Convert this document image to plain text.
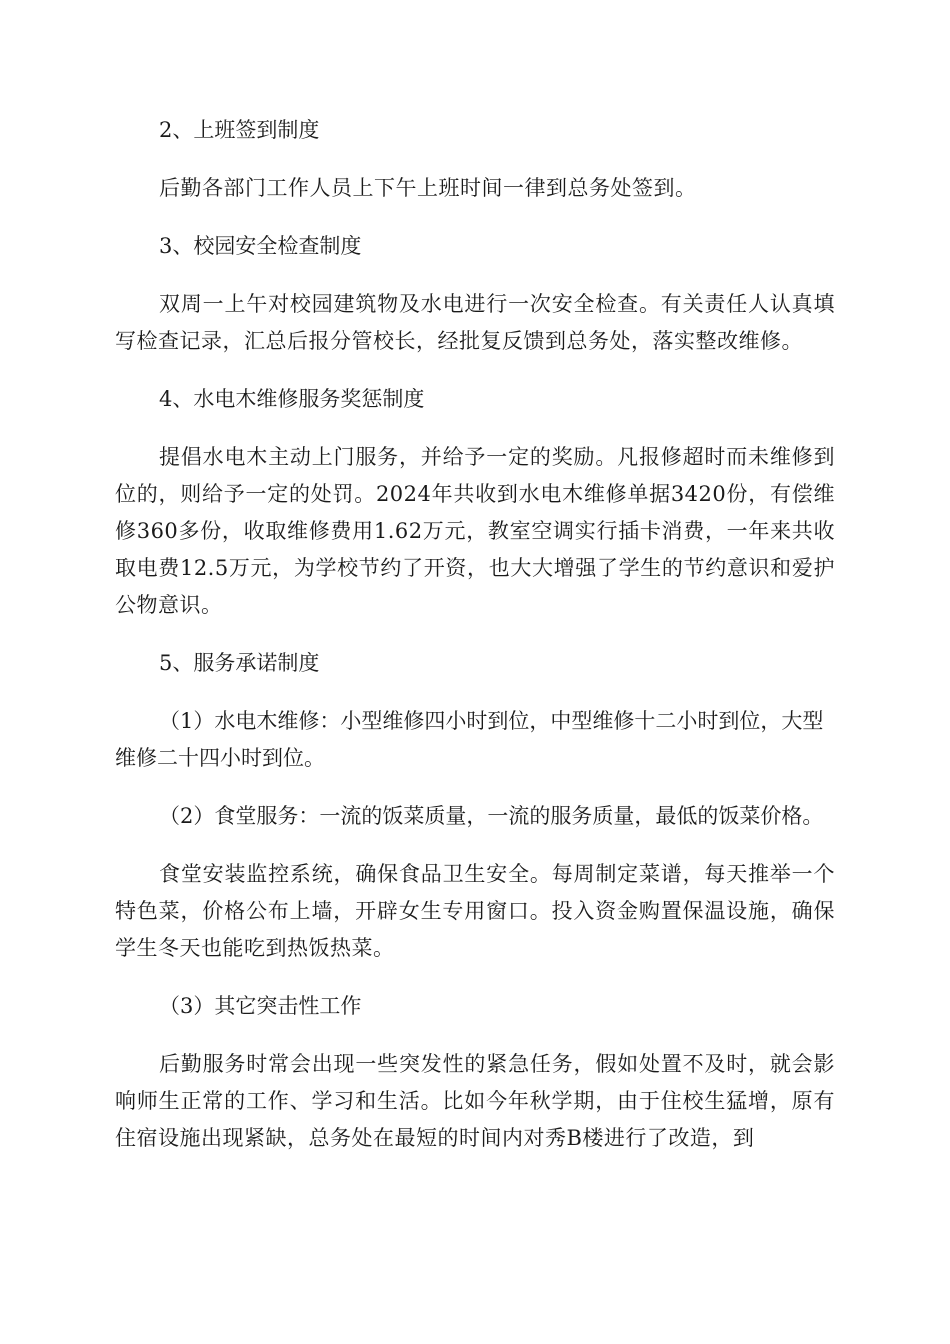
2、上班签到制度

后勤各部门工作人员上下午上班时间一律到总务处签到。

3、校园安全检查制度

双周一上午对校园建筑物及水电进行一次安全检查。有关责任人认真填写检查记录，汇总后报分管校长，经批复反馈到总务处，落实整改维修。

4、水电木维修服务奖惩制度

提倡水电木主动上门服务，并给予一定的奖励。凡报修超时而未维修到位的，则给予一定的处罚。2024年共收到水电木维修单据3420份，有偿维修360多份，收取维修费用1.62万元，教室空调实行插卡消费，一年来共收取电费12.5万元，为学校节约了开资，也大大增强了学生的节约意识和爱护公物意识。

5、服务承诺制度

（1）水电木维修：小型维修四小时到位，中型维修十二小时到位，大型维修二十四小时到位。

（2）食堂服务：一流的饭菜质量，一流的服务质量，最低的饭菜价格。

食堂安装监控系统，确保食品卫生安全。每周制定菜谱，每天推举一个特色菜，价格公布上墙，开辟女生专用窗口。投入资金购置保温设施，确保学生冬天也能吃到热饭热菜。

（3）其它突击性工作

后勤服务时常会出现一些突发性的紧急任务，假如处置不及时，就会影响师生正常的工作、学习和生活。比如今年秋学期，由于住校生猛增，原有住宿设施出现紧缺，总务处在最短的时间内对秀B楼进行了改造，到
